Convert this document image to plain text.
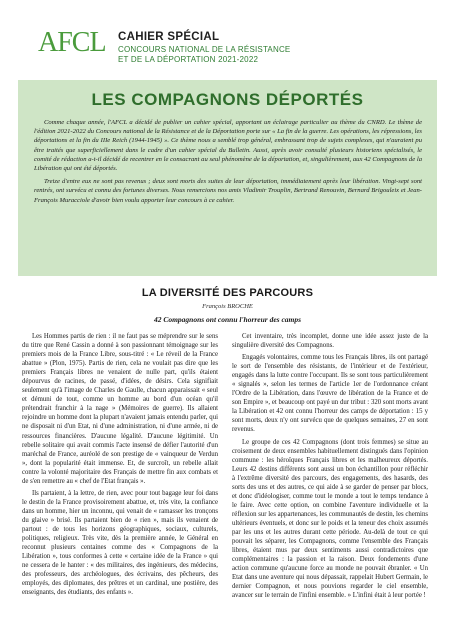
AFCL CAHIER SPÉCIAL
CONCOURS NATIONAL DE LA RÉSISTANCE
ET DE LA DÉPORTATION 2021-2022
LES COMPAGNONS DÉPORTÉS

Comme chaque année, l'AFCL a décidé de publier un cahier spécial, apportant un éclairage particulier au thème du CNRD. Le thème de l'édition 2021-2022 du Concours national de la Résistance et de la Déportation porte sur « La fin de la guerre. Les opérations, les répressions, les déportations et la fin du IIIe Reich (1944-1945) ». Ce thème nous a semblé trop général, embrassant trop de sujets complexes, qui n'auraient pu être traités que superficiellement dans le cadre d'un cahier spécial du Bulletin. Aussi, après avoir consulté plusieurs historiens spécialisés, le comité de rédaction a-t-il décidé de recentrer en le consacrant au seul phénomène de la déportation, et, singulièrement, aux 42 Compagnons de la Libération qui ont été déportés.

Treize d'entre eux ne sont pas revenus ; deux sont morts des suites de leur déportation, immédiatement après leur libération. Vingt-sept sont rentrés, ont survécu et connu des fortunes diverses. Nous remercions nos amis Vladimir Trouplin, Bertrand Renouvin, Bernard Brigouleix et Jean-François Muracciole d'avoir bien voulu apporter leur concours à ce cahier.

LA DIVERSITÉ DES PARCOURS
François BROCHE
42 Compagnons ont connu l'horreur des camps

Les Hommes partis de rien : il ne faut pas se méprendre sur le sens du titre que René Cassin a donné à son passionnant témoignage sur les premiers mois de la France Libre, sous-titré : « Le réveil de la France abattue » (Plon, 1975). Partis de rien, cela ne voulait pas dire que les premiers Français libres ne venaient de nulle part, qu'ils étaient dépourvus de racines, de passé, d'idées, de désirs. Cela signifiait seulement qu'à l'image de Charles de Gaulle, chacun apparaissait « seul et démuni de tout, comme un homme au bord d'un océan qu'il prétendrait franchir à la nage » (Mémoires de guerre). Ils allaient rejoindre un homme dont la plupart n'avaient jamais entendu parler, qui ne disposait ni d'un Etat, ni d'une administration, ni d'une armée, ni de ressources financières. D'aucune légalité. D'aucune légitimité. Un rebelle solitaire qui avait commis l'acte insensé de défier l'autorité d'un maréchal de France, auréolé de son prestige de « vainqueur de Verdun », dont la popularité était immense. Et, de surcroît, un rebelle allait contre la volonté majoritaire des Français de mettre fin aux combats et de s'en remettre au « chef de l'Etat français ».

Ils partaient, à la lettre, de rien, avec pour tout bagage leur foi dans le destin de la France provisoirement abattue, et, très vite, la confiance dans un homme, hier un inconnu, qui venait de « ramasser les tronçons du glaive » brisé. Ils partaient bien de « rien », mais ils venaient de partout : de tous les horizons géographiques, sociaux, culturels, politiques, religieux. Très vite, dès la première année, le Général en reconnut plusieurs centaines comme des « Compagnons de la Libération », tous conformes à cette « certaine idée de la France » qui ne cessera de le hanter : « des militaires, des ingénieurs, des médecins, des professeurs, des archéologues, des écrivains, des pêcheurs, des employés, des diplomates, des prêtres et un cardinal, une postière, des enseignants, des étudiants, des enfants ».

Cet inventaire, très incomplet, donne une idée assez juste de la singulière diversité des Compagnons.

Engagés volontaires, comme tous les Français libres, ils ont partagé le sort de l'ensemble des résistants, de l'intérieur et de l'extérieur, engagés dans la lutte contre l'occupant. Ils se sont tous particulièrement « signalés », selon les termes de l'article 1er de l'ordonnance créant l'Ordre de la Libération, dans l'œuvre de libération de la France et de son Empire », et beaucoup ont payé un dur tribut : 320 sont morts avant la Libération et 42 ont connu l'horreur des camps de déportation : 15 y sont morts, deux n'y ont survécu que de quelques semaines, 27 en sont revenus.

Le groupe de ces 42 Compagnons (dont trois femmes) se situe au croisement de deux ensembles habituellement distingués dans l'opinion commune : les héroïques Français libres et les malheureux déportés. Leurs 42 destins différents sont aussi un bon échantillon pour réfléchir à l'extrême diversité des parcours, des engagements, des hasards, des sorts des uns et des autres, ce qui aide à se garder de penser par blocs, et donc d'idéologiser, comme tout le monde a tout le temps tendance à le faire. Avec cette option, on combine l'aventure individuelle et la réflexion sur les appartenances, les communautés de destin, les chemins ultérieurs éventuels, et donc sur le poids et la teneur des choix assumés par les uns et les autres durant cette période. Au-delà de tout ce qui pouvait les séparer, les Compagnons, comme l'ensemble des Français libres, étaient mus par deux sentiments aussi contradictoires que complémentaires : la passion et la raison. Deux fondements d'une action commune qu'aucune force au monde ne pouvait ébranler. « Un Etat dans une aventure qui nous dépassait, rappelait Hubert Germain, le dernier Compagnon, et nous pouvions regarder le ciel ensemble, avancer sur le terrain de l'infini ensemble. » L'infini était à leur portée !
